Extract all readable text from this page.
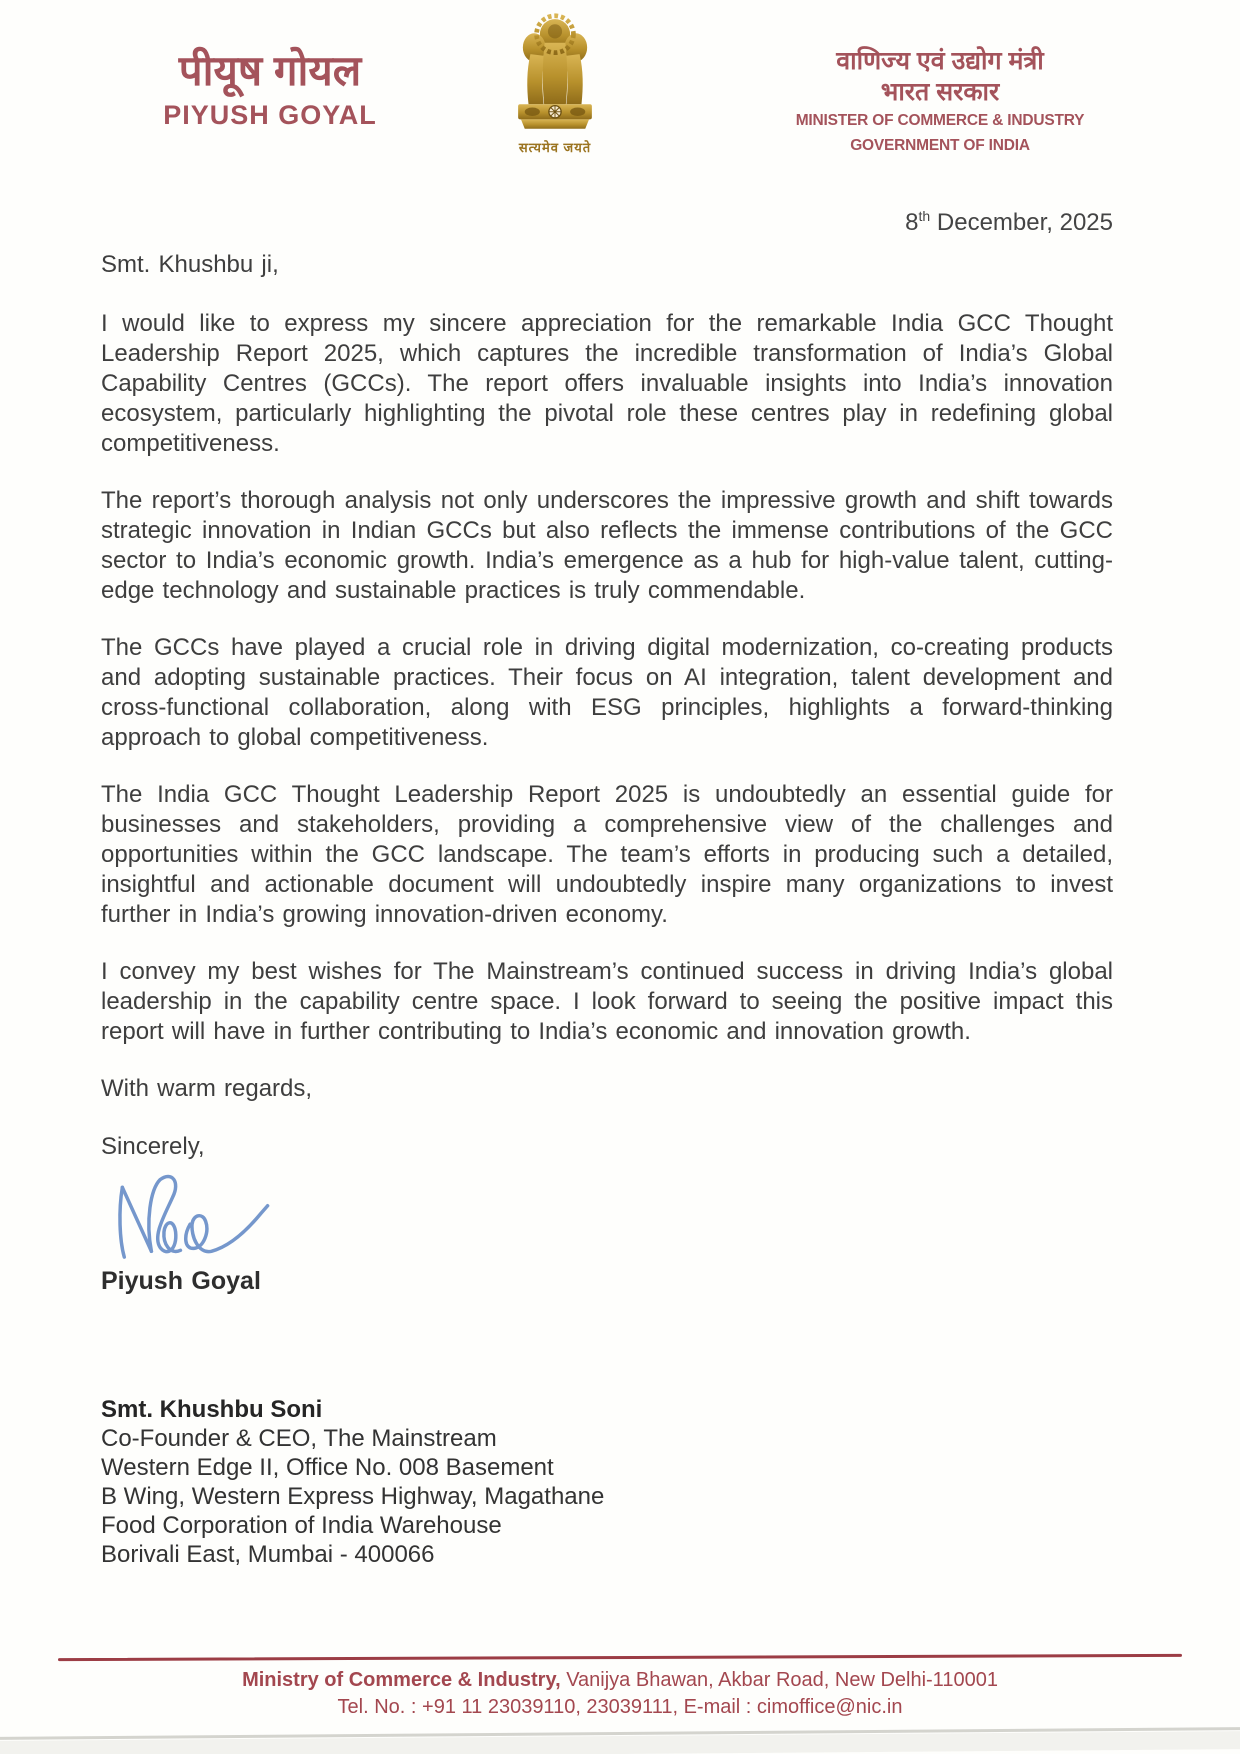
पीयूष गोयल
PIYUSH GOYAL
सत्यमेव जयते
वाणिज्य एवं उद्योग मंत्री
भारत सरकार
MINISTER OF COMMERCE & INDUSTRY
GOVERNMENT OF INDIA
8th December, 2025

Smt. Khushbu ji,

I would like to express my sincere appreciation for the remarkable India GCC Thought Leadership Report 2025, which captures the incredible transformation of India’s Global Capability Centres (GCCs). The report offers invaluable insights into India’s innovation ecosystem, particularly highlighting the pivotal role these centres play in redefining global competitiveness.

The report’s thorough analysis not only underscores the impressive growth and shift towards strategic innovation in Indian GCCs but also reflects the immense contributions of the GCC sector to India’s economic growth. India’s emergence as a hub for high-value talent, cutting-edge technology and sustainable practices is truly commendable.

The GCCs have played a crucial role in driving digital modernization, co-creating products and adopting sustainable practices. Their focus on AI integration, talent development and cross-functional collaboration, along with ESG principles, highlights a forward-thinking approach to global competitiveness.

The India GCC Thought Leadership Report 2025 is undoubtedly an essential guide for businesses and stakeholders, providing a comprehensive view of the challenges and opportunities within the GCC landscape. The team’s efforts in producing such a detailed, insightful and actionable document will undoubtedly inspire many organizations to invest further in India’s growing innovation-driven economy.

I convey my best wishes for The Mainstream’s continued success in driving India’s global leadership in the capability centre space. I look forward to seeing the positive impact this report will have in further contributing to India’s economic and innovation growth.

With warm regards,

Sincerely,

Piyush Goyal

Smt. Khushbu Soni

Co-Founder & CEO, The Mainstream

Western Edge II, Office No. 008 Basement

B Wing, Western Express Highway, Magathane

Food Corporation of India Warehouse

Borivali East, Mumbai - 400066

Ministry of Commerce & Industry, Vanijya Bhawan, Akbar Road, New Delhi-110001

Tel. No. : +91 11 23039110, 23039111, E-mail : cimoffice@nic.in
